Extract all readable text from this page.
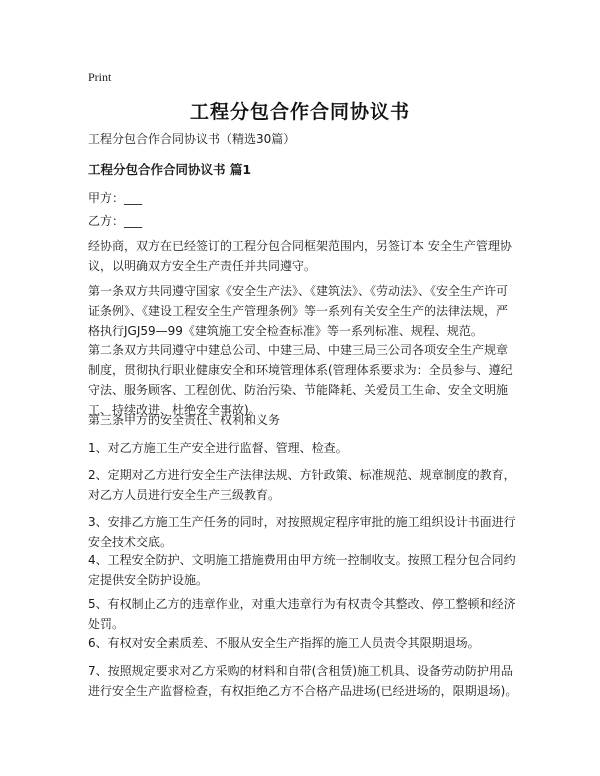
Print
工程分包合作合同协议书

工程分包合作合同协议书（精选30篇）

工程分包合作合同协议书 篇1

甲方：___

乙方：___

经协商，双方在已经签订的工程分包合同框架范围内，另签订本 安全生产管理协议，以明确双方安全生产责任并共同遵守。

第一条双方共同遵守国家《安全生产法》、《建筑法》、《劳动法》、《安全生产许可证条例》、《建设工程安全生产管理条例》等一系列有关安全生产的法律法规，严格执行JGJ59—99《建筑施工安全检查标准》等一系列标准、规程、规范。

第二条双方共同遵守中建总公司、中建三局、中建三局三公司各项安全生产规章制度，贯彻执行职业健康安全和环境管理体系(管理体系要求为：全员参与、遵纪守法、服务顾客、工程创优、防治污染、节能降耗、关爱员工生命、安全文明施工、持续改进、杜绝安全事故)。

第三条甲方的安全责任、权利和义务

1、对乙方施工生产安全进行监督、管理、检查。

2、定期对乙方进行安全生产法律法规、方针政策、标准规范、规章制度的教育，对乙方人员进行安全生产三级教育。

3、安排乙方施工生产任务的同时，对按照规定程序审批的施工组织设计书面进行安全技术交底。

4、工程安全防护、文明施工措施费用由甲方统一控制收支。按照工程分包合同约定提供安全防护设施。

5、有权制止乙方的违章作业，对重大违章行为有权责令其整改、停工整顿和经济处罚。

6、有权对安全素质差、不服从安全生产指挥的施工人员责令其限期退场。

7、按照规定要求对乙方采购的材料和自带(含租赁)施工机具、设备劳动防护用品进行安全生产监督检查，有权拒绝乙方不合格产品进场(已经进场的，限期退场)。
